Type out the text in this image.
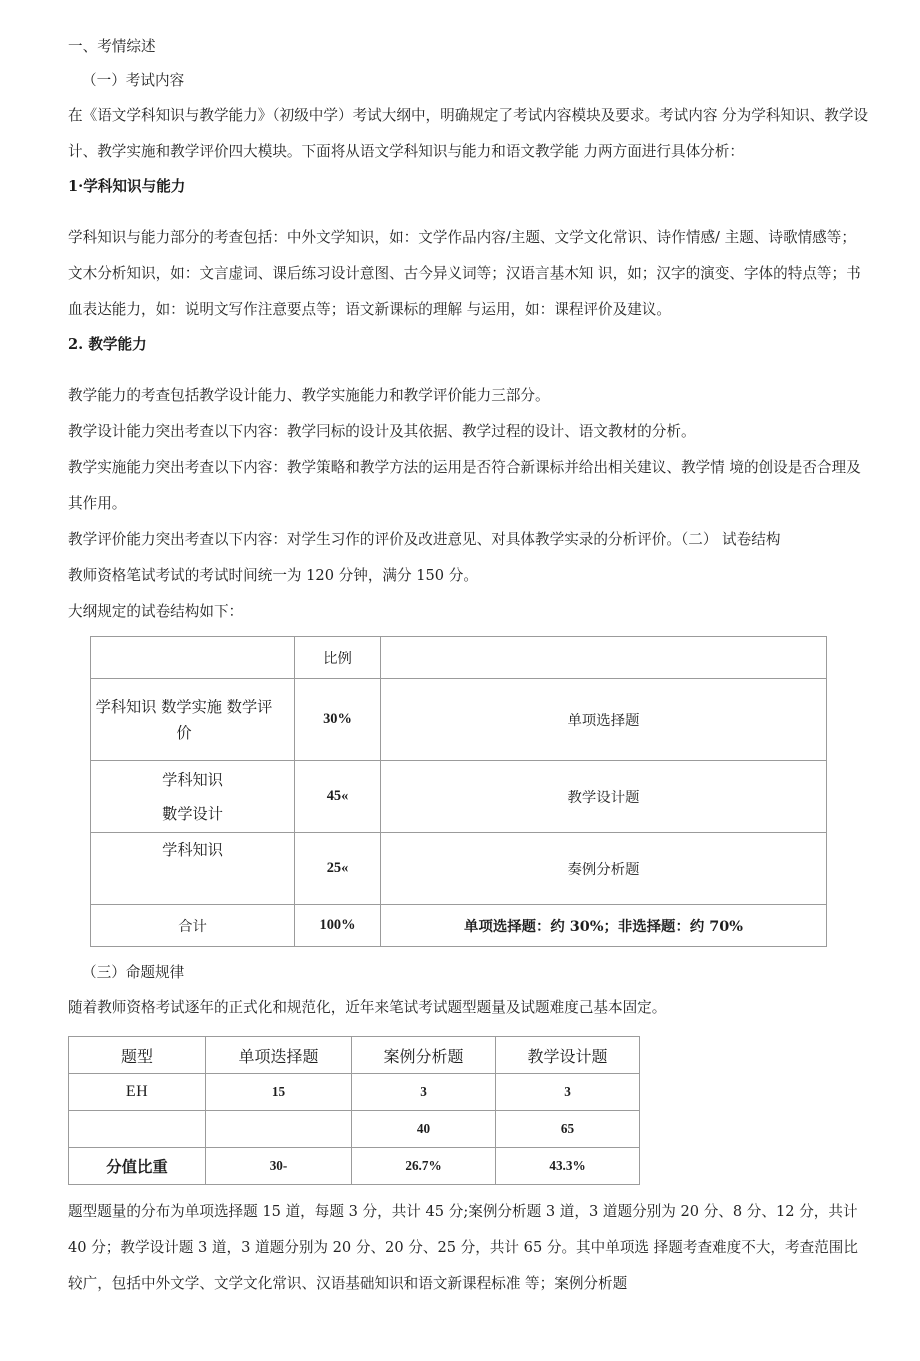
一、考情综述
（一）考试内容
在《语文学科知识与教学能力》（初级中学）考试大纲中，明确规定了考试内容模块及要求。考试内容 分为学科知识、教学设计、教学实施和教学评价四大模块。下面将从语文学科知识与能力和语文教学能 力两方面进行具体分析：
1·学科知识与能力
学科知识与能力部分的考查包括：中外文学知识，如：文学作品内容/主题、文学文化常识、诗作情感/ 主题、诗歌情感等；文木分析知识，如：文言虚词、课后练习设计意图、古今异义词等；汉语言基木知 识，如；汉字的演变、字体的特点等；书血表达能力，如：说明文写作注意要点等；语文新课标的理解 与运用，如：课程评价及建议。
2. 教学能力
教学能力的考查包括教学设计能力、教学实施能力和教学评价能力三部分。
教学设计能力突出考查以下内容：教学冃标的设计及其依据、教学过程的设计、语文教材的分析。
教学实施能力突出考查以下内容：教学策略和教学方法的运用是否符合新课标并给出相关建议、教学情 境的创设是否合理及其作用。
教学评价能力突出考查以下内容：对学生习作的评价及改进意见、对具体教学实录的分析评价。（二） 试卷结构
教师资格笔试考试的考试时间统一为 120 分钟，满分 150 分。
大纲规定的试卷结构如下：
	比例	

学科知识 数学实施 数学评
价	30%	单项选择题

学科知识
數学设计	45«	教学设计题

学科知识	25«	奏例分析题
合计	100%	单项选择题：约 30%；非选择题：约 70%
（三）命题规律
随着教师资格考试逐年的正式化和规范化，近年来笔试考试题型题量及试题难度己基本固定。
题型	单项迭择题	案例分析题	教学设计题
EH	15	3	3
		40	65
分值比重	30-	26.7%	43.3%
题型题量的分布为单项选择题 15 道，每题 3 分，共计 45 分;案例分析题 3 道，3 道题分别为 20 分、8 分、12 分，共计 40 分；教学设计题 3 道，3 道题分别为 20 分、20 分、25 分，共计 65 分。其中单项选 择题考查难度不大，考查范围比较广，包括中外文学、文学文化常识、汉语基础知识和语文新课程标准 等；案例分析题
